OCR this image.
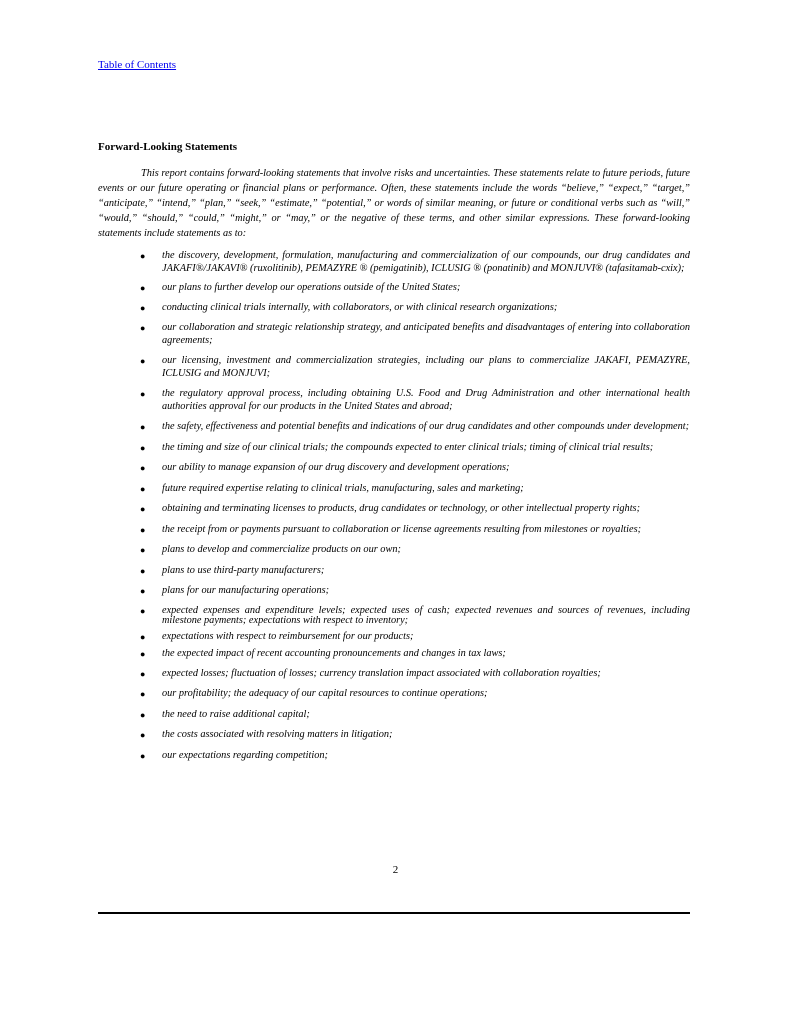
Table of Contents
Forward-Looking Statements

This report contains forward-looking statements that involve risks and uncertainties. These statements relate to future periods, future events or our future operating or financial plans or performance. Often, these statements include the words “believe,” “expect,” “target,” “anticipate,” “intend,” “plan,” “seek,” “estimate,” “potential,” or words of similar meaning, or future or conditional verbs such as “will,” “would,” “should,” “could,” “might,” or “may,” or the negative of these terms, and other similar expressions. These forward-looking statements include statements as to:

● the discovery, development, formulation, manufacturing and commercialization of our compounds, our drug candidates and JAKAFI®/JAKAVI® (ruxolitinib), PEMAZYRE ® (pemigatinib), ICLUSIG ® (ponatinib) and MONJUVI® (tafasitamab-cxix);
● our plans to further develop our operations outside of the United States;
● conducting clinical trials internally, with collaborators, or with clinical research organizations;
● our collaboration and strategic relationship strategy, and anticipated benefits and disadvantages of entering into collaboration agreements;
● our licensing, investment and commercialization strategies, including our plans to commercialize JAKAFI, PEMAZYRE, ICLUSIG and MONJUVI;
● the regulatory approval process, including obtaining U.S. Food and Drug Administration and other international health authorities approval for our products in the United States and abroad;
● the safety, effectiveness and potential benefits and indications of our drug candidates and other compounds under development;
● the timing and size of our clinical trials; the compounds expected to enter clinical trials; timing of clinical trial results;
● our ability to manage expansion of our drug discovery and development operations;
● future required expertise relating to clinical trials, manufacturing, sales and marketing;
● obtaining and terminating licenses to products, drug candidates or technology, or other intellectual property rights;
● the receipt from or payments pursuant to collaboration or license agreements resulting from milestones or royalties;
● plans to develop and commercialize products on our own;
● plans to use third-party manufacturers;
● plans for our manufacturing operations;
● expected expenses and expenditure levels; expected uses of cash; expected revenues and sources of revenues, including milestone payments; expectations with respect to inventory;
● expectations with respect to reimbursement for our products;
● the expected impact of recent accounting pronouncements and changes in tax laws;
● expected losses; fluctuation of losses; currency translation impact associated with collaboration royalties;
● our profitability; the adequacy of our capital resources to continue operations;
● the need to raise additional capital;
● the costs associated with resolving matters in litigation;
● our expectations regarding competition;
2
